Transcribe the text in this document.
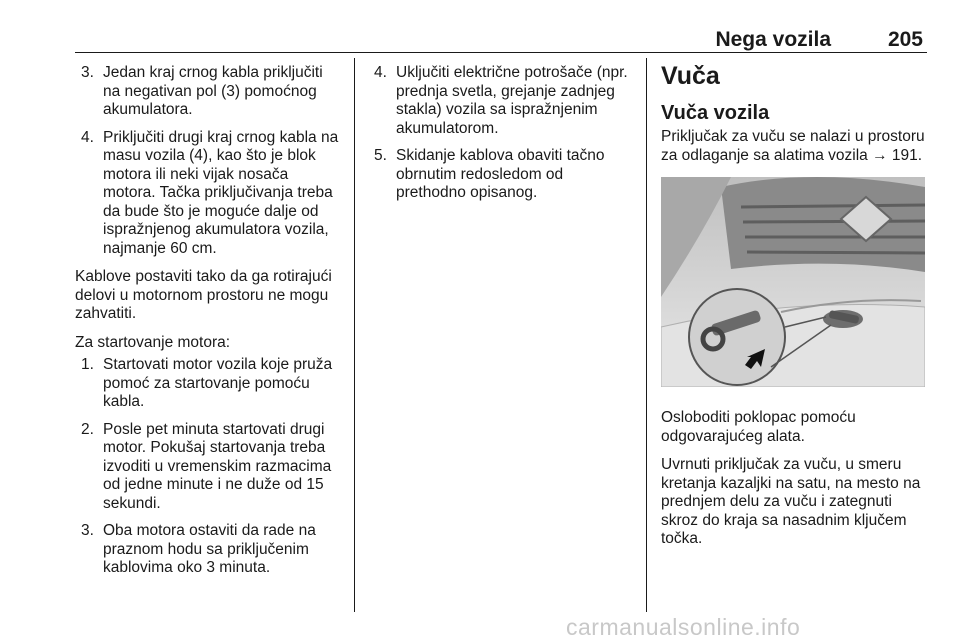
Nega vozila	205
3. Jedan kraj crnog kabla priključiti na negativan pol (3) pomoćnog akumulatora.
4. Priključiti drugi kraj crnog kabla na masu vozila (4), kao što je blok motora ili neki vijak nosača motora. Tačka priključivanja treba da bude što je moguće dalje od ispražnjenog akumulatora vozila, najmanje 60 cm.

Kablove postaviti tako da ga rotirajući delovi u motornom prostoru ne mogu zahvatiti.

Za startovanje motora:

1. Startovati motor vozila koje pruža pomoć za startovanje pomoću kabla.
2. Posle pet minuta startovati drugi motor. Pokušaj startovanja treba izvoditi u vremenskim razmacima od jedne minute i ne duže od 15 sekundi.
3. Oba motora ostaviti da rade na praznom hodu sa priključenim kablovima oko 3 minuta.
4. Uključiti električne potrošače (npr. prednja svetla, grejanje zadnjeg stakla) vozila sa ispražnjenim akumulatorom.
5. Skidanje kablova obaviti tačno obrnutim redosledom od prethodno opisanog.
Vuča
Vuča vozila

Priključak za vuču se nalazi u prostoru za odlaganje sa alatima vozila → 191.

Osloboditi poklopac pomoću odgovarajućeg alata.

Uvrnuti priključak za vuču, u smeru kretanja kazaljki na satu, na mesto na prednjem delu za vuču i zategnuti skroz do kraja sa nasadnim ključem točka.

carmanualsonline.info
